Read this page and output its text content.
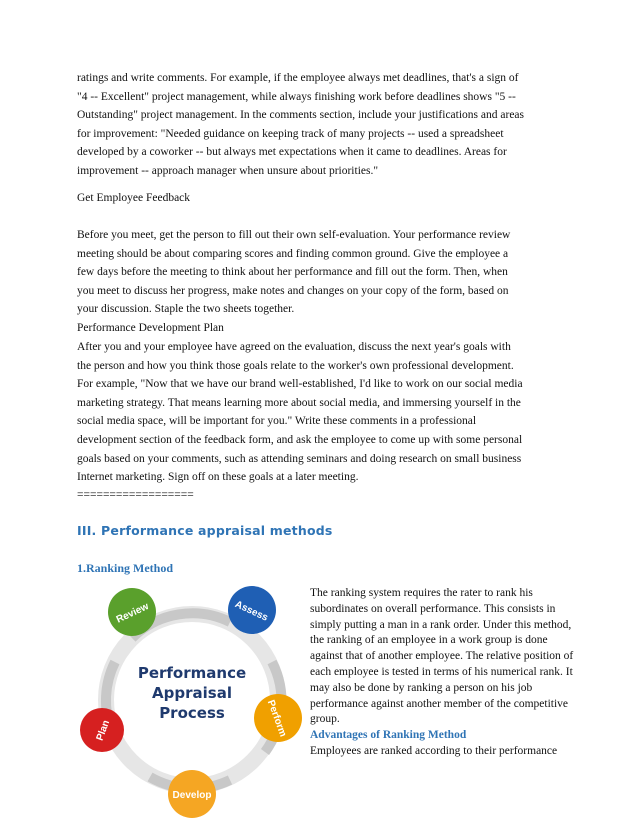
ratings and write comments. For example, if the employee always met deadlines, that's a sign of
"4 -- Excellent" project management, while always finishing work before deadlines shows "5 --
Outstanding" project management. In the comments section, include your justifications and areas
for improvement: "Needed guidance on keeping track of many projects -- used a spreadsheet
developed by a coworker -- but always met expectations when it came to deadlines. Areas for
improvement -- approach manager when unsure about priorities."
Get Employee Feedback
Before you meet, get the person to fill out their own self-evaluation. Your performance review
meeting should be about comparing scores and finding common ground. Give the employee a
few days before the meeting to think about her performance and fill out the form. Then, when
you meet to discuss her progress, make notes and changes on your copy of the form, based on
your discussion. Staple the two sheets together.
Performance Development Plan
After you and your employee have agreed on the evaluation, discuss the next year's goals with
the person and how you think those goals relate to the worker's own professional development.
For example, "Now that we have our brand well-established, I'd like to work on our social media
marketing strategy. That means learning more about social media, and immersing yourself in the
social media space, will be important for you." Write these comments in a professional
development section of the feedback form, and ask the employee to come up with some personal
goals based on your comments, such as attending seminars and doing research on small business
Internet marketing. Sign off on these goals at a later meeting.
==================
III. Performance appraisal methods
1.Ranking Method
Review	Assess
Perform
Develop
Plan
Performance
Appraisal
Process
The ranking system requires the rater to rank his
subordinates on overall performance. This consists in
simply putting a man in a rank order. Under this method,
the ranking of an employee in a work group is done
against that of another employee. The relative position of
each employee is tested in terms of his numerical rank. It
may also be done by ranking a person on his job
performance against another member of the competitive
group.
Advantages of Ranking Method
Employees are ranked according to their performance
